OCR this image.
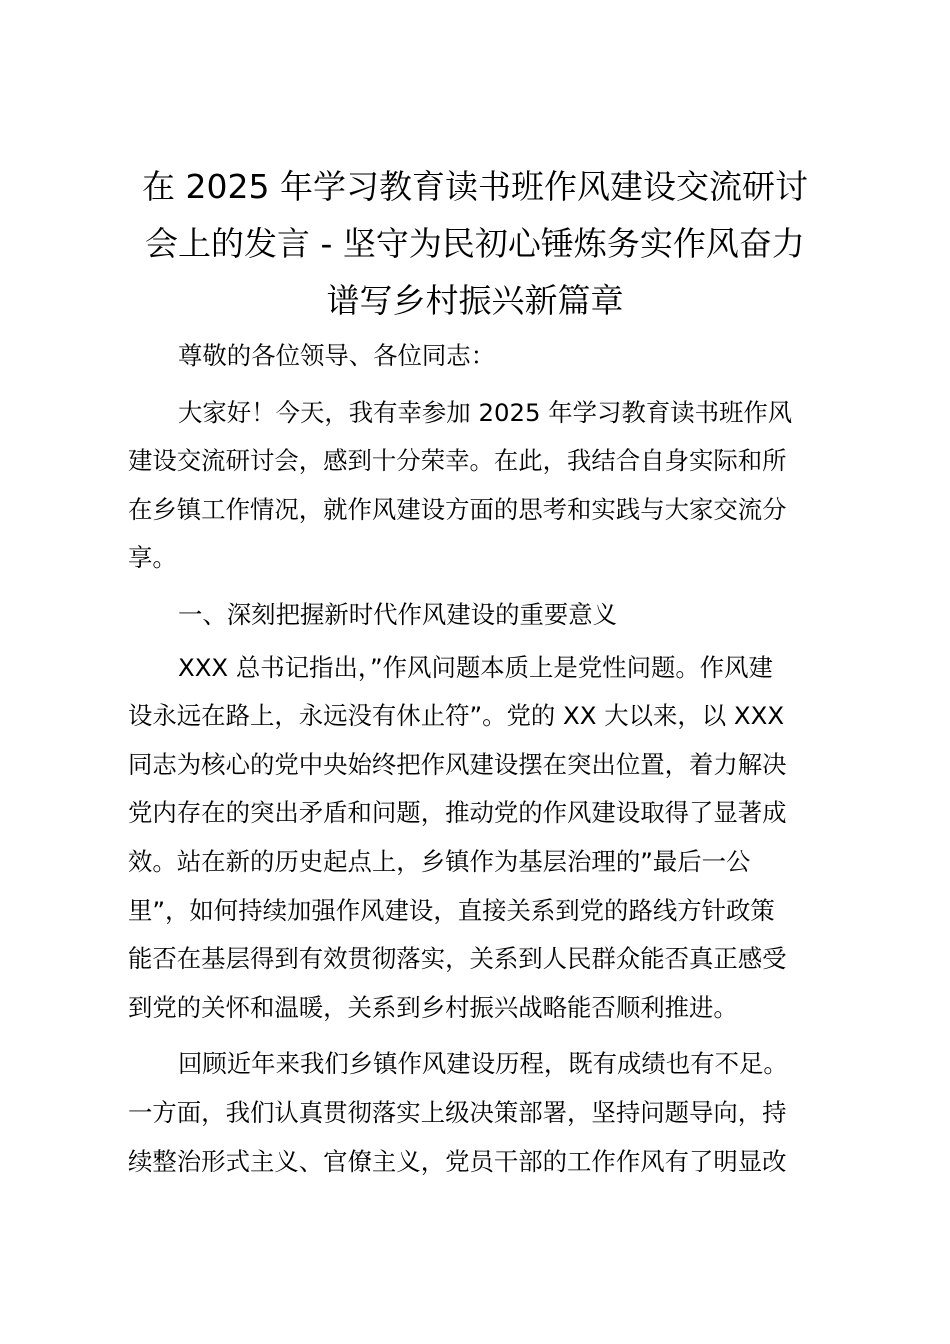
在 2025 年学习教育读书班作风建设交流研讨
会上的发言 - 坚守为民初心锤炼务实作风奋力
谱写乡村振兴新篇章

尊敬的各位领导、各位同志：

大家好！今天，我有幸参加 2025 年学习教育读书班作风
建设交流研讨会，感到十分荣幸。在此，我结合自身实际和所
在乡镇工作情况，就作风建设方面的思考和实践与大家交流分
享。

一、深刻把握新时代作风建设的重要意义

XXX 总书记指出，”作风问题本质上是党性问题。作风建
设永远在路上，永远没有休止符”。党的 XX 大以来，以 XXX
同志为核心的党中央始终把作风建设摆在突出位置，着力解决
党内存在的突出矛盾和问题，推动党的作风建设取得了显著成
效。站在新的历史起点上，乡镇作为基层治理的”最后一公
里”，如何持续加强作风建设，直接关系到党的路线方针政策
能否在基层得到有效贯彻落实，关系到人民群众能否真正感受
到党的关怀和温暖，关系到乡村振兴战略能否顺利推进。

回顾近年来我们乡镇作风建设历程，既有成绩也有不足。
一方面，我们认真贯彻落实上级决策部署，坚持问题导向，持
续整治形式主义、官僚主义，党员干部的工作作风有了明显改
